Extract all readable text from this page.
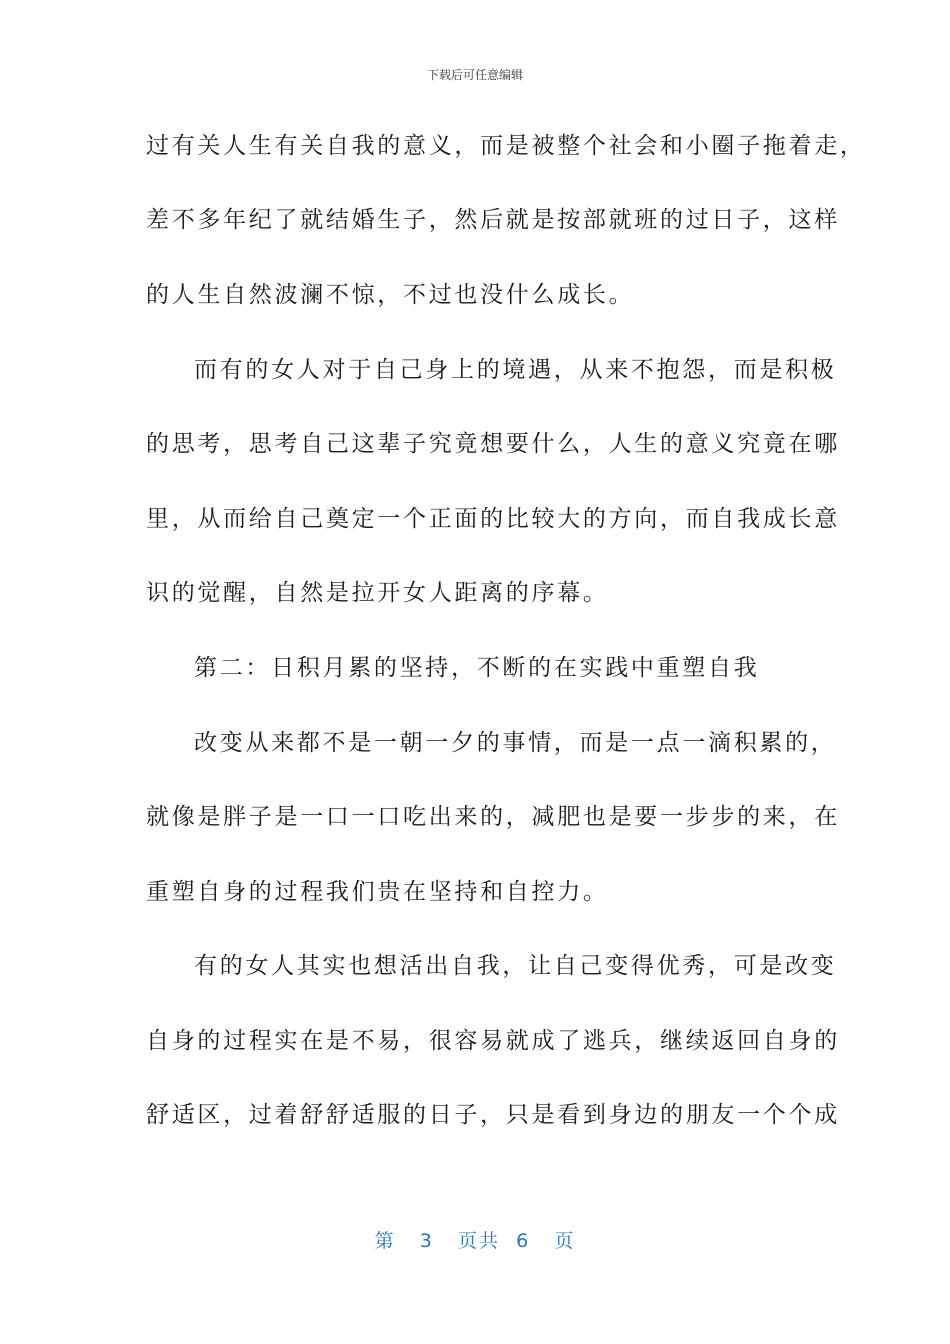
下载后可任意编辑
过有关人生有关自我的意义，而是被整个社会和小圈子拖着走，
差不多年纪了就结婚生子，然后就是按部就班的过日子，这样
的人生自然波澜不惊，不过也没什么成长。
而有的女人对于自己身上的境遇，从来不抱怨，而是积极
的思考，思考自己这辈子究竟想要什么，人生的意义究竟在哪
里，从而给自己奠定一个正面的比较大的方向，而自我成长意
识的觉醒，自然是拉开女人距离的序幕。
第二：日积月累的坚持，不断的在实践中重塑自我
改变从来都不是一朝一夕的事情，而是一点一滴积累的，
就像是胖子是一口一口吃出来的，减肥也是要一步步的来，在
重塑自身的过程我们贵在坚持和自控力。
有的女人其实也想活出自我，让自己变得优秀，可是改变
自身的过程实在是不易，很容易就成了逃兵，继续返回自身的
舒适区，过着舒舒适服的日子，只是看到身边的朋友一个个成
第 3 页共 6 页
